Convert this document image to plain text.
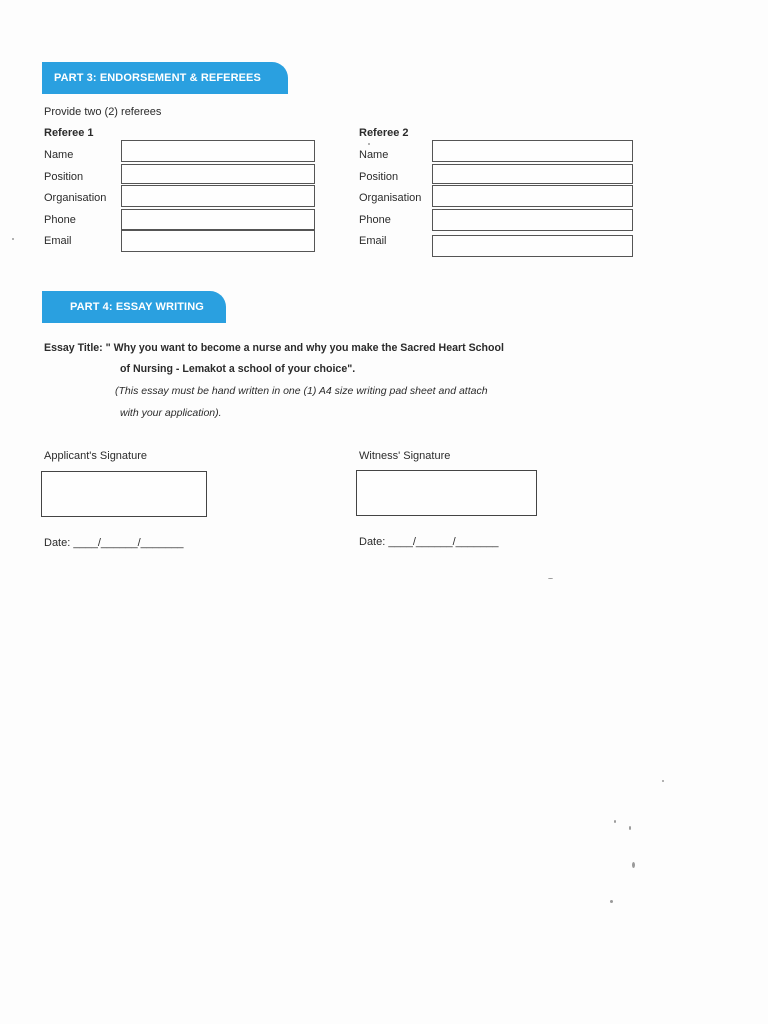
PART 3: ENDORSEMENT & REFEREES
Provide two (2) referees
Referee 1
Name
Position
Organisation
Phone
Email
Referee 2
Name
Position
Organisation
Phone
Email
PART 4: ESSAY WRITING
Essay Title: " Why you want to become a nurse and why you make the Sacred Heart School
of Nursing - Lemakot a school of your choice".
(This essay must be hand written in one (1) A4 size writing pad sheet and attach
with your application).
Applicant's Signature	Witness' Signature
Date: ____/______/_______	Date: ____/______/_______
